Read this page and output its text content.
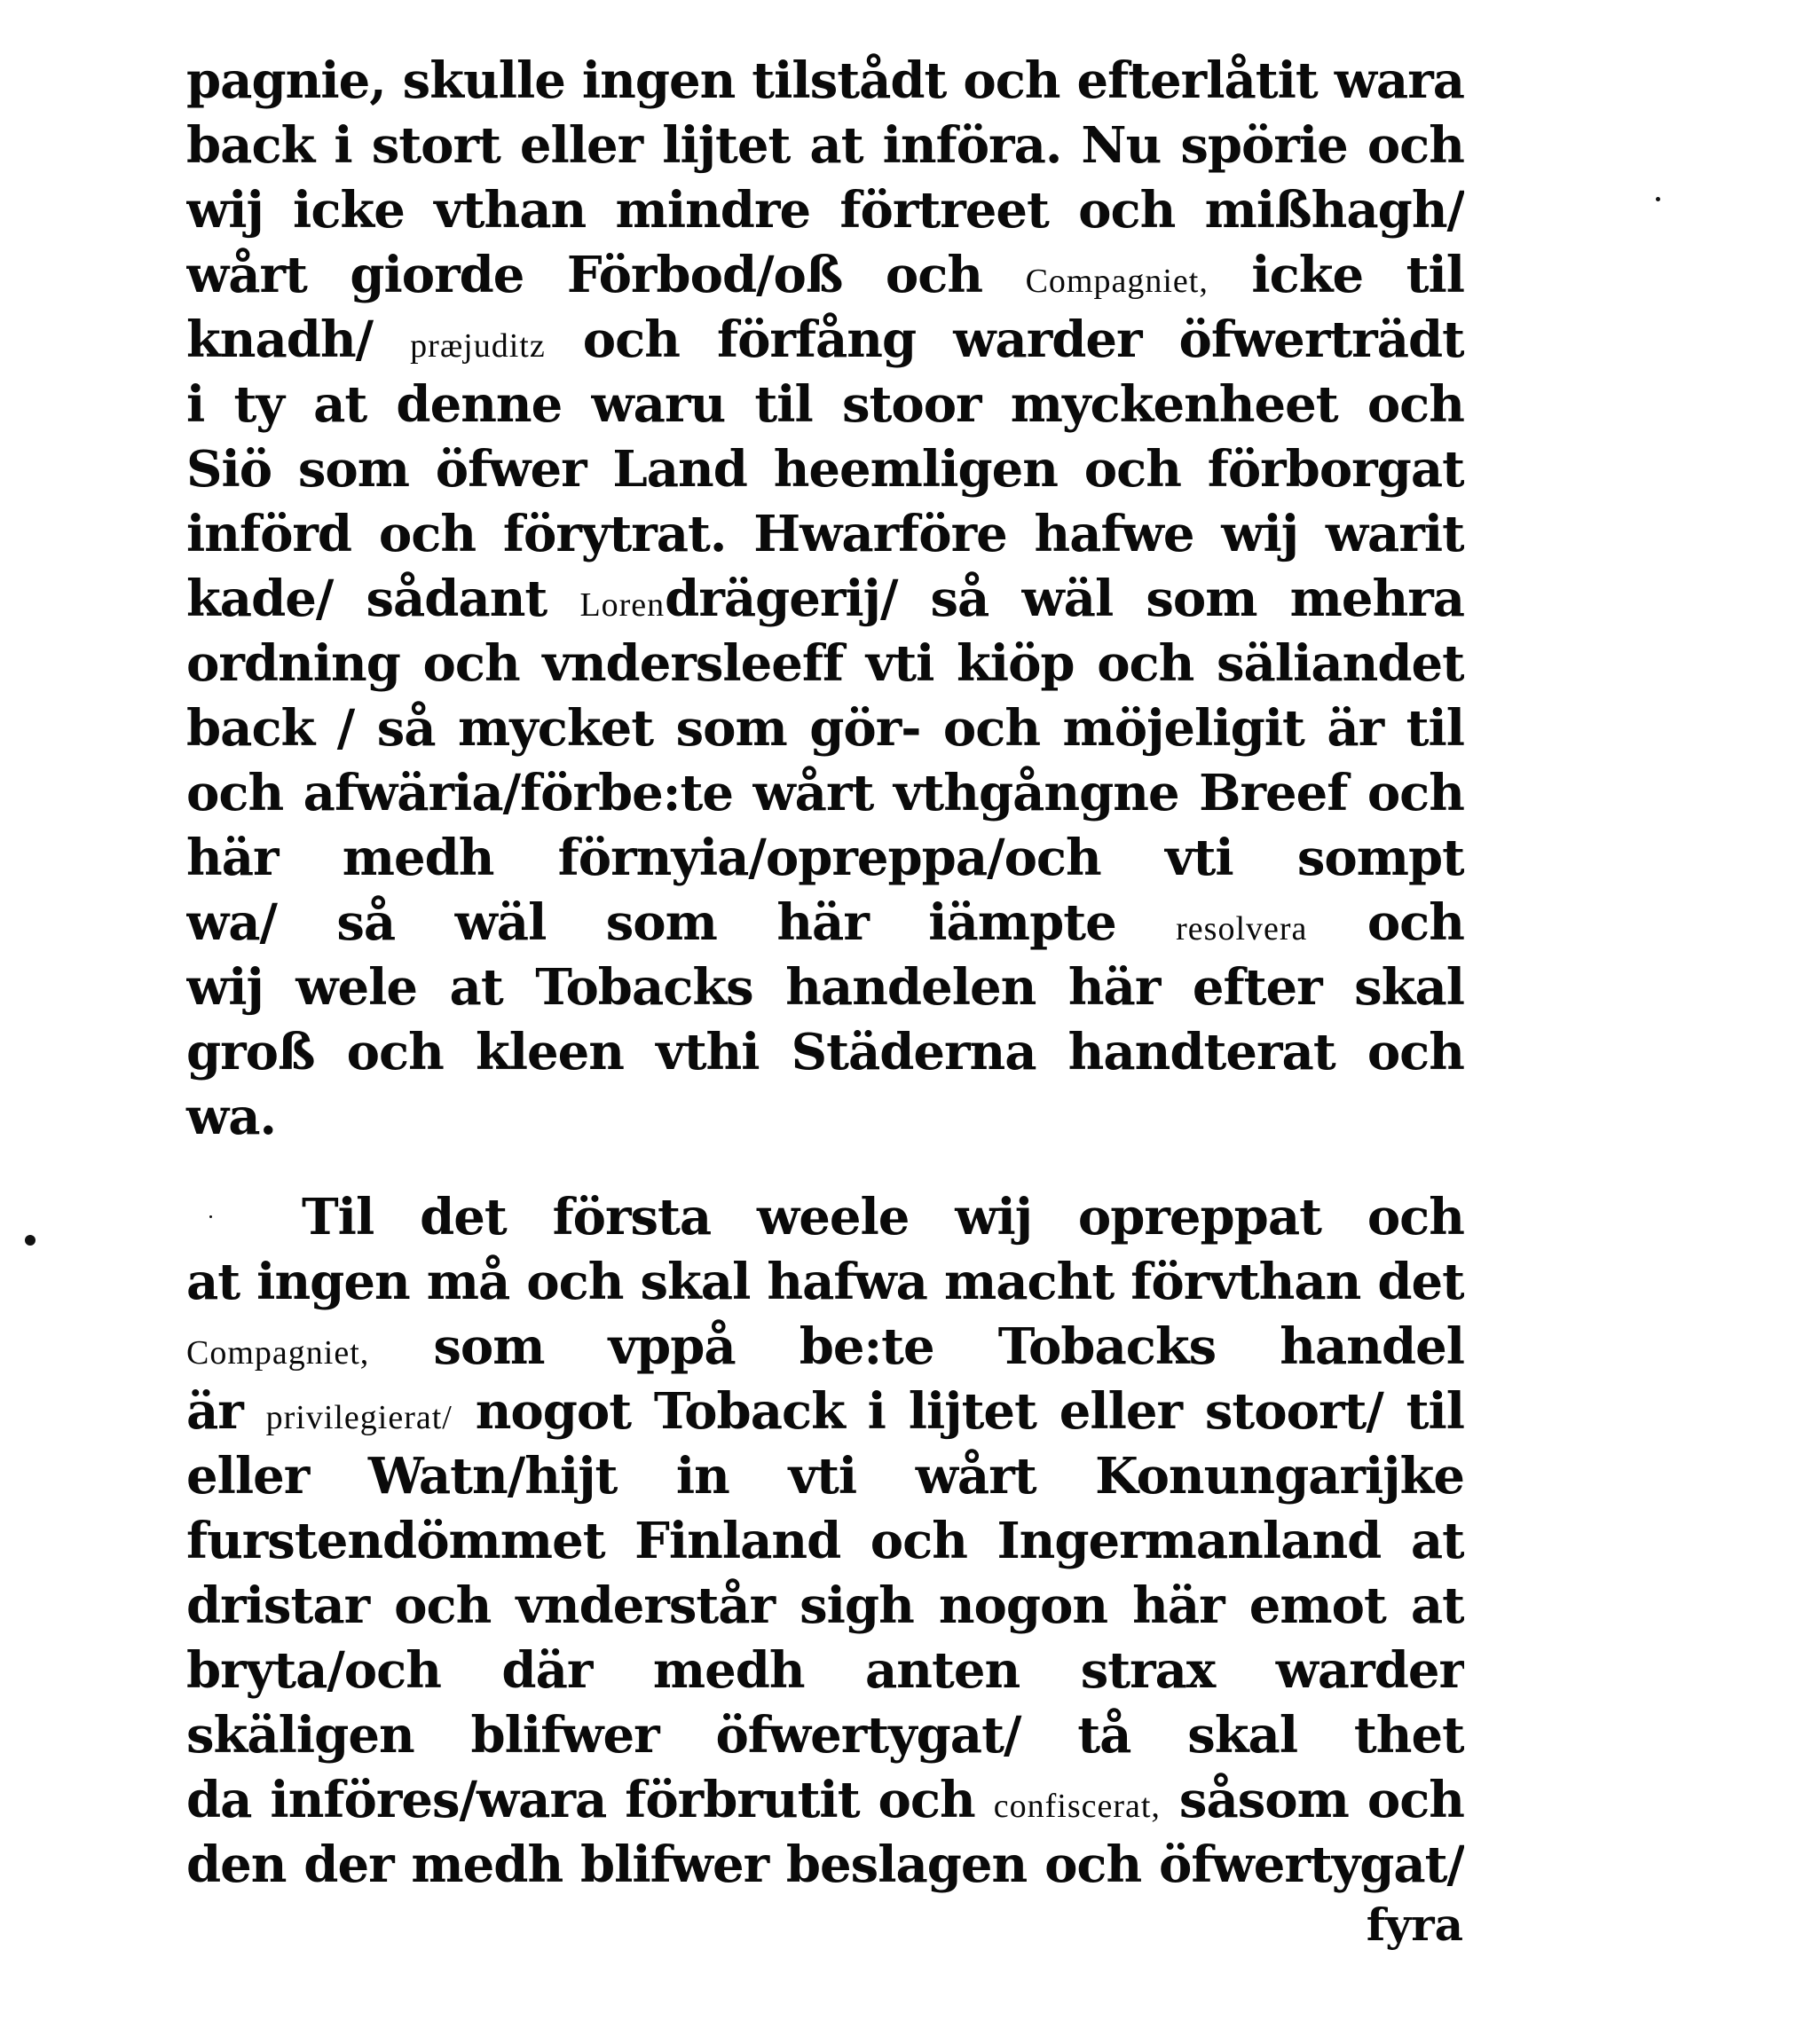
pagnie, skulle ingen tilstådt och efterlåtit wara
back i stort eller lijtet at införa. Nu spörie och
wij icke vthan mindre förtreet och mißhagh/
wårt giorde Förbod/oß och Compagniet, icke til
knadh/ præjuditz och förfång warder öfwerträdt
i ty at denne waru til stoor myckenheet och
Siö som öfwer Land heemligen och förborgat
införd och förytrat. Hwarföre hafwe wij warit
kade/ sådant Lorendrägerij/ så wäl som mehra
ordning och vndersleeff vti kiöp och säliandet
back / så mycket som gör- och möjeligit är til
och afwäria/förbe:te wårt vthgångne Breef och
här medh förnyia/opreppa/och vti sompt
wa/ så wäl som här iämpte resolvera och
wij wele at Tobacks handelen här efter skal
groß och kleen vthi Städerna handterat och
wa.
Til det första weele wij opreppat och
at ingen må och skal hafwa macht förvthan det
Compagniet, som vppå be:te Tobacks handel
är privilegierat/ nogot Toback i lijtet eller stoort/ til
eller Watn/hijt in vti wårt Konungarijke
furstendömmet Finland och Ingermanland at
dristar och vnderstår sigh nogon här emot at
bryta/och där medh anten strax warder
skäligen blifwer öfwertygat/ tå skal thet
da införes/wara förbrutit och confiscerat, såsom och
den der medh blifwer beslagen och öfwertygat/
fyra
